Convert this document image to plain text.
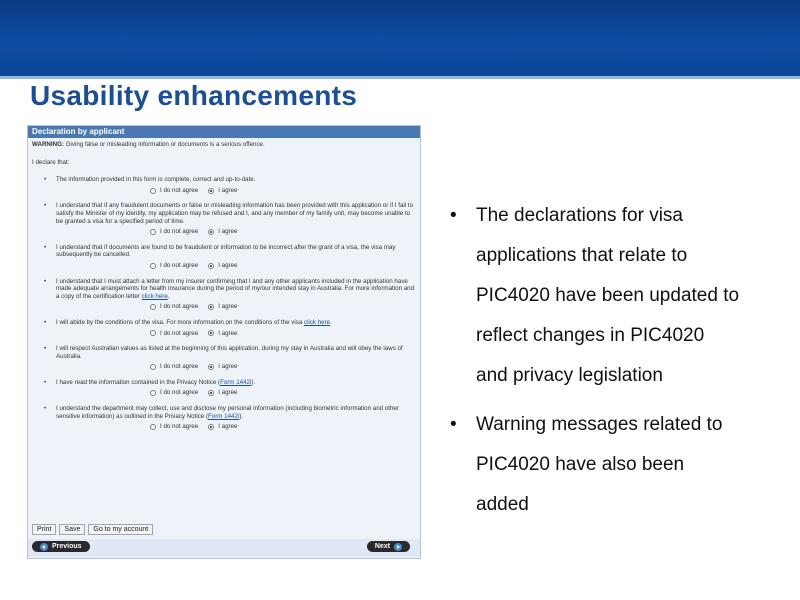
Usability enhancements
Declaration by applicant
WARNING: Giving false or misleading information or documents is a serious offence.
I declare that:
•	The information provided in this form is complete, correct and up-to-date.
I do not agree	I agree
•	I understand that if any fraudulent documents or false or misleading information has been provided with this application or if I fail to satisfy the Minister of my identity, my application may be refused and I, and any member of my family unit, may become unable to be granted a visa for a specified period of time.
I do not agree	I agree
•	I understand that if documents are found to be fraudulent or information to be incorrect after the grant of a visa, the visa may subsequently be cancelled.
I do not agree	I agree
•	I understand that I must attach a letter from my insurer confirming that I and any other applicants included in the application have made adequate arrangements for health insurance during the period of my/our intended stay in Australia. For more information and a copy of the certification letter click here.
I do not agree	I agree
•	I will abide by the conditions of the visa. For more information on the conditions of the visa click here.
I do not agree	I agree
•	I will respect Australian values as listed at the beginning of this application, during my stay in Australia and will obey the laws of Australia.
I do not agree	I agree
•	I have read the information contained in the Privacy Notice (Form 1442i).
I do not agree	I agree
•	I understand the department may collect, use and disclose my personal information (including biometric information and other sensitive information) as outlined in the Privacy Notice (Form 1442i).
I do not agree	I agree
Print	Save	Go to my account
Previous	Next
•	The declarations for visa
applications that relate to
PIC4020 have been updated to
reflect changes in PIC4020
and privacy legislation
•	Warning messages related to
PIC4020 have also been
added
